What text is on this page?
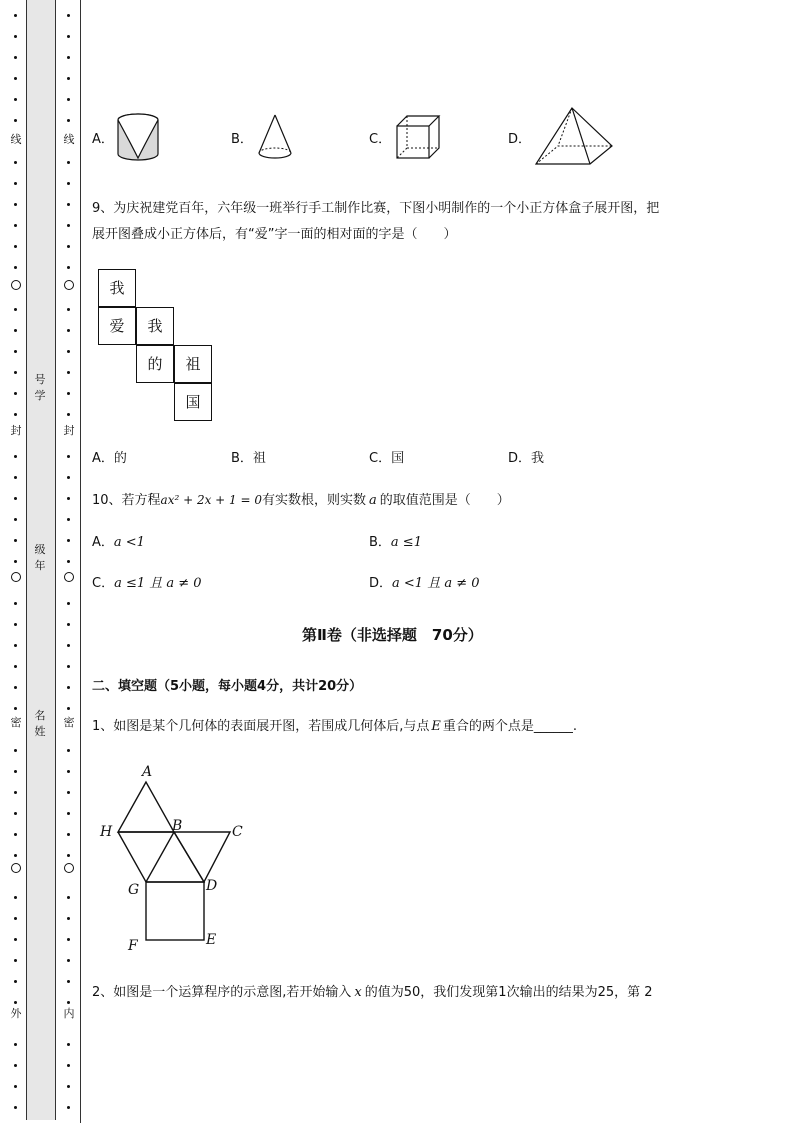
线
封
密
外
线
封
密
内
号学
级年
名姓
A．	B．	C．	D．
9、为庆祝建党百年，六年级一班举行手工制作比赛，下图小明制作的一个小正方体盒子展开图，把
展开图叠成小正方体后，有“爱”字一面的相对面的字是（　　）
我
爱	我
的	祖
国
A．的	B．祖	C．国	D．我
10、若方程ax² + 2x + 1 = 0有实数根，则实数 a 的取值范围是（　　）
A．a <1	B．a ≤1
C．a ≤1 且 a ≠ 0	D．a <1 且 a ≠ 0
第Ⅱ卷（非选择题　70分）
二、填空题（5小题，每小题4分，共计20分）
1、如图是某个几何体的表面展开图，若围成几何体后,与点 E 重合的两个点是______.
A
B	C
D
E
F
G
H
2、如图是一个运算程序的示意图,若开始输入 x 的值为50，我们发现第1次输出的结果为25，第 2
